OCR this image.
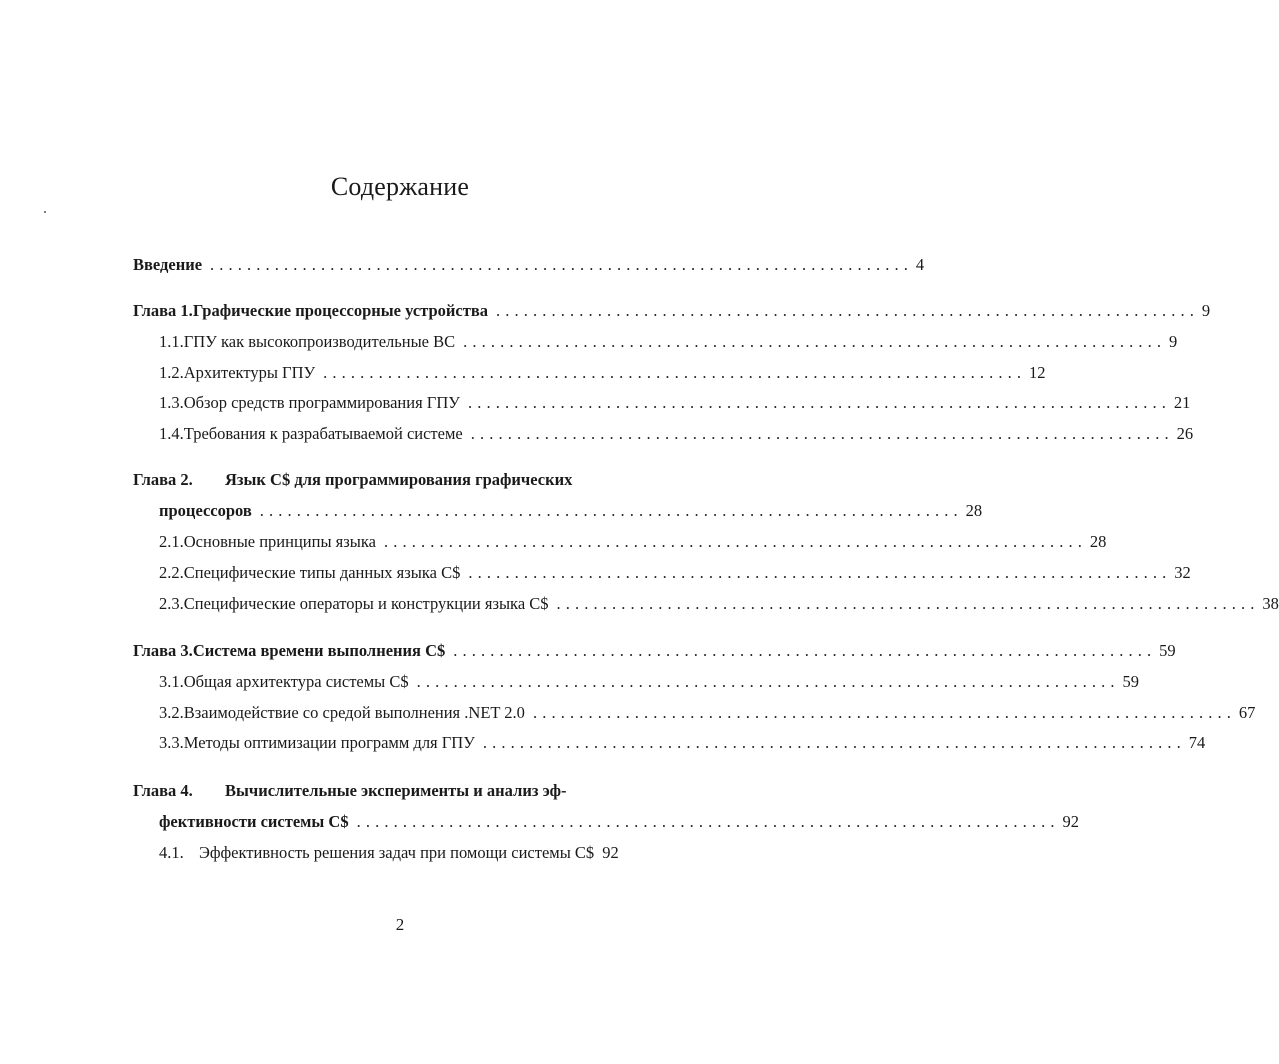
Содержание
Введение . . .	4
Глава 1. Графические процессорные устройства . . .	9
1.1. ГПУ как высокопроизводительные ВС . . .	9
1.2. Архитектуры ГПУ . . .	12
1.3. Обзор средств программирования ГПУ . . .	21
1.4. Требования к разрабатываемой системе . . .	26
Глава 2.	Язык С$ для программирования графических
процессоров . . .	28
2.1. Основные принципы языка . . .	28
2.2. Специфические типы данных языка С$ . . .	32
2.3. Специфические операторы и конструкции языка С$ . . .	38
Глава 3. Система времени выполнения С$ . . .	59
3.1. Общая архитектура системы С$ . . .	59
3.2. Взаимодействие со средой выполнения .NET 2.0 . . .	67
3.3. Методы оптимизации программ для ГПУ . . .	74
Глава 4.	Вычислительные эксперименты и анализ эф-
фективности системы С$ . . .	92
4.1. Эффективность решения задач при помощи системы С$ 92
2
